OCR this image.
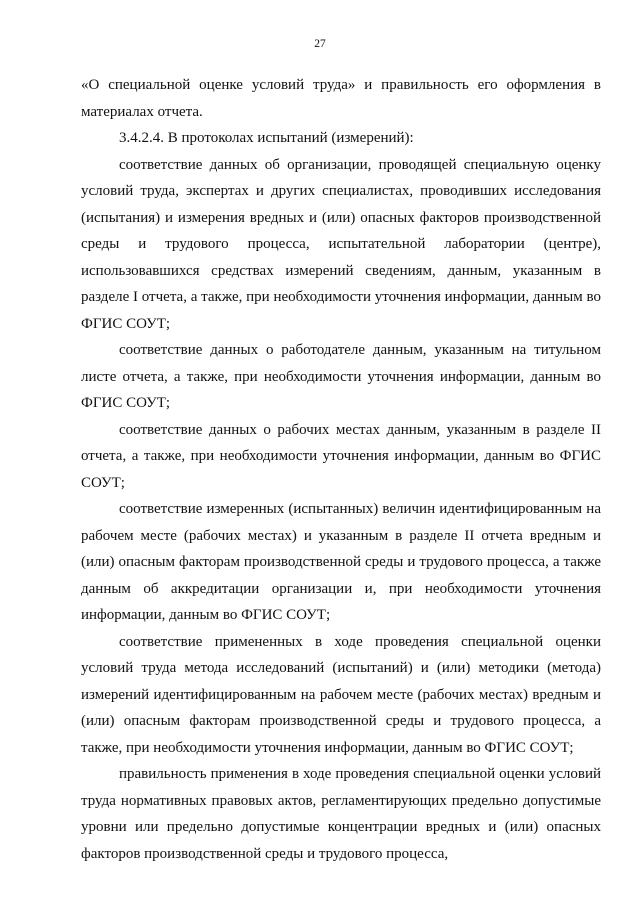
27

«О специальной оценке условий труда» и правильность его оформления в материалах отчета.

3.4.2.4. В протоколах испытаний (измерений):

соответствие данных об организации, проводящей специальную оценку условий труда, экспертах и других специалистах, проводивших исследования (испытания) и измерения вредных и (или) опасных факторов производственной среды и трудового процесса, испытательной лаборатории (центре), использовавшихся средствах измерений сведениям, данным, указанным в разделе I отчета, а также, при необходимости уточнения информации, данным во ФГИС СОУТ;

соответствие данных о работодателе данным, указанным на титульном листе отчета, а также, при необходимости уточнения информации, данным во ФГИС СОУТ;

соответствие данных о рабочих местах данным, указанным в разделе II отчета, а также, при необходимости уточнения информации, данным во ФГИС СОУТ;

соответствие измеренных (испытанных) величин идентифицированным на рабочем месте (рабочих местах) и указанным в разделе II отчета вредным и (или) опасным факторам производственной среды и трудового процесса, а также данным об аккредитации организации и, при необходимости уточнения информации, данным во ФГИС СОУТ;

соответствие примененных в ходе проведения специальной оценки условий труда метода исследований (испытаний) и (или) методики (метода) измерений идентифицированным на рабочем месте (рабочих местах) вредным и (или) опасным факторам производственной среды и трудового процесса, а также, при необходимости уточнения информации, данным во ФГИС СОУТ;

правильность применения в ходе проведения специальной оценки условий труда нормативных правовых актов, регламентирующих предельно допустимые уровни или предельно допустимые концентрации вредных и (или) опасных факторов производственной среды и трудового процесса,
